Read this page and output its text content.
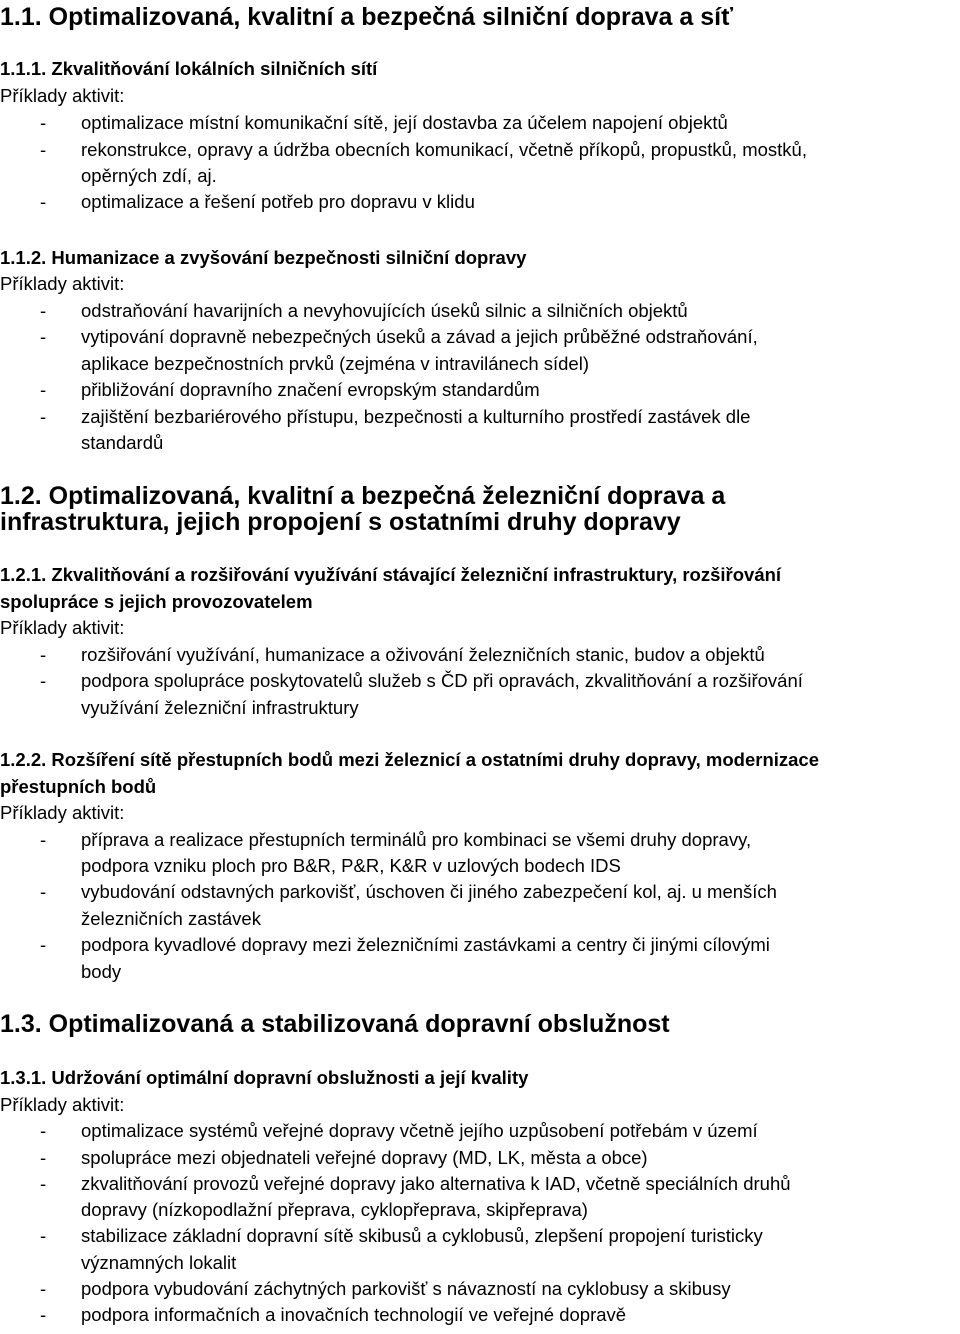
1.1. Optimalizovaná, kvalitní a bezpečná silniční doprava a síť
1.1.1. Zkvalitňování lokálních silničních sítí
Příklady aktivit:
- optimalizace místní komunikační sítě, její dostavba za účelem napojení objektů
- rekonstrukce, opravy a údržba obecních komunikací, včetně příkopů, propustků, mostků,
opěrných zdí, aj.
- optimalizace a řešení potřeb pro dopravu v klidu
1.1.2. Humanizace a zvyšování bezpečnosti silniční dopravy
Příklady aktivit:
- odstraňování havarijních a nevyhovujících úseků silnic a silničních objektů
- vytipování dopravně nebezpečných úseků a závad a jejich průběžné odstraňování,
aplikace bezpečnostních prvků (zejména v intravilánech sídel)
- přibližování dopravního značení evropským standardům
- zajištění bezbariérového přístupu, bezpečnosti a kulturního prostředí zastávek dle
standardů
1.2. Optimalizovaná, kvalitní a bezpečná železniční doprava a
infrastruktura, jejich propojení s ostatními druhy dopravy
1.2.1. Zkvalitňování a rozšiřování využívání stávající železniční infrastruktury, rozšiřování
spolupráce s jejich provozovatelem
Příklady aktivit:
- rozšiřování využívání, humanizace a oživování železničních stanic, budov a objektů
- podpora spolupráce poskytovatelů služeb s ČD při opravách, zkvalitňování a rozšiřování
využívání železniční infrastruktury
1.2.2. Rozšíření sítě přestupních bodů mezi železnicí a ostatními druhy dopravy, modernizace
přestupních bodů
Příklady aktivit:
- příprava a realizace přestupních terminálů pro kombinaci se všemi druhy dopravy,
podpora vzniku ploch pro B&R, P&R, K&R v uzlových bodech IDS
- vybudování odstavných parkovišť, úschoven či jiného zabezpečení kol, aj. u menších
železničních zastávek
- podpora kyvadlové dopravy mezi železničními zastávkami a centry či jinými cílovými
body
1.3. Optimalizovaná a stabilizovaná dopravní obslužnost
1.3.1. Udržování optimální dopravní obslužnosti a její kvality
Příklady aktivit:
- optimalizace systémů veřejné dopravy včetně jejího uzpůsobení potřebám v území
- spolupráce mezi objednateli veřejné dopravy (MD, LK, města a obce)
- zkvalitňování provozů veřejné dopravy jako alternativa k IAD, včetně speciálních druhů
dopravy (nízkopodlažní přeprava, cyklopřeprava, skipřeprava)
- stabilizace základní dopravní sítě skibusů a cyklobusů, zlepšení propojení turisticky
významných lokalit
- podpora vybudování záchytných parkovišť s návazností na cyklobusy a skibusy
- podpora informačních a inovačních technologií ve veřejné dopravě
